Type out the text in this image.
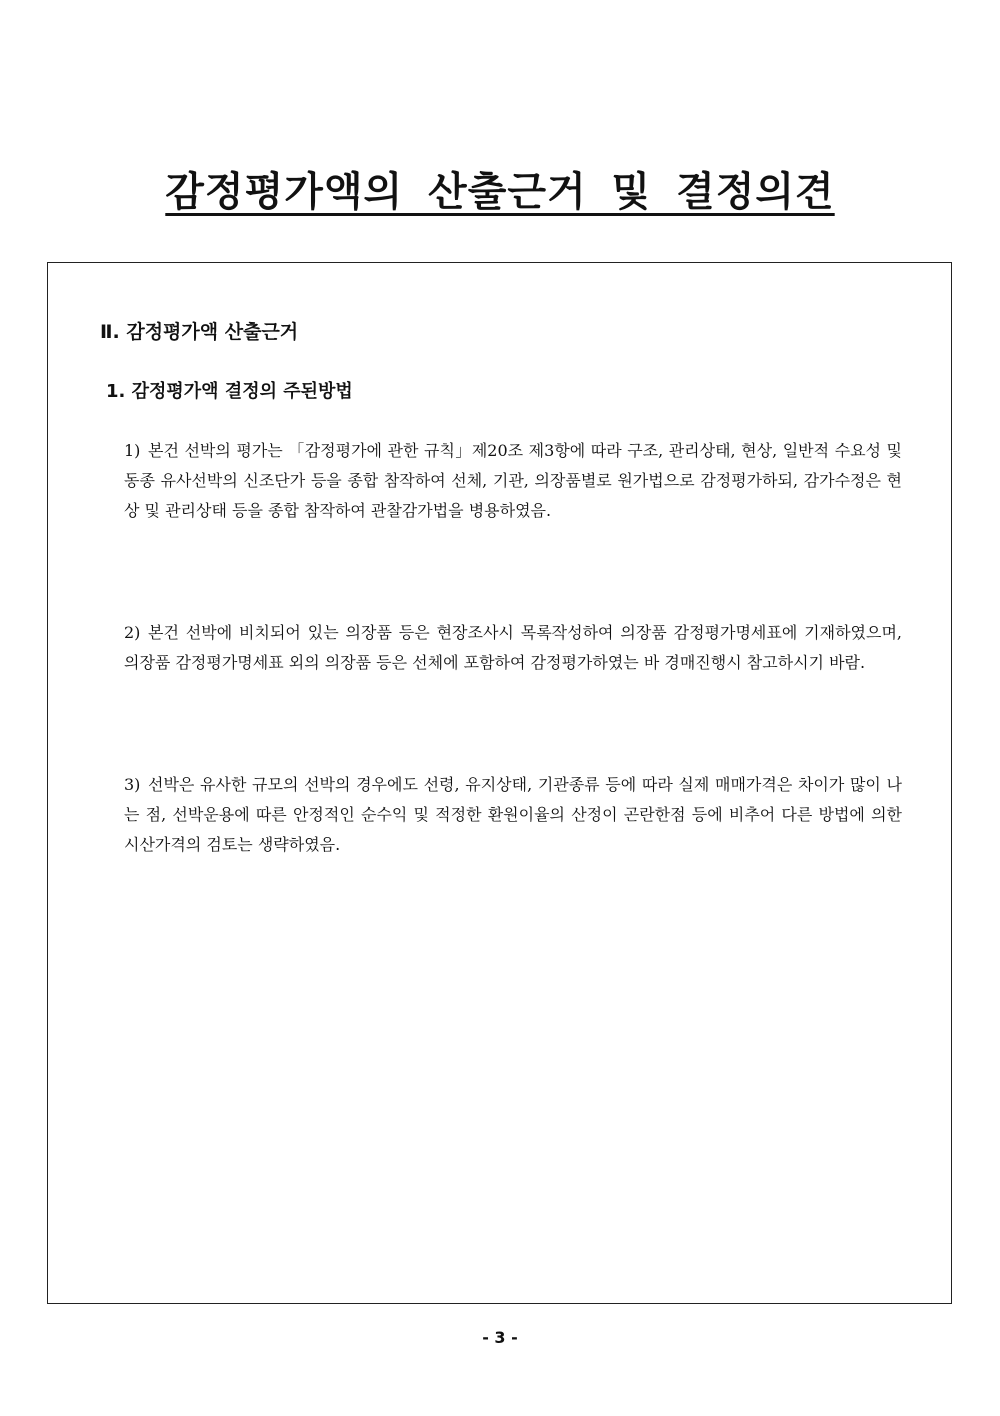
감정평가액의 산출근거 및 결정의견
Ⅱ. 감정평가액 산출근거
1. 감정평가액 결정의 주된방법
1) 본건 선박의 평가는 「감정평가에 관한 규칙」제20조 제3항에 따라 구조, 관리상태, 현상, 일반적 수요성 및 동종 유사선박의 신조단가 등을 종합 참작하여 선체, 기관, 의장품별로 원가법으로 감정평가하되, 감가수정은 현상 및 관리상태 등을 종합 참작하여 관찰감가법을 병용하였음.
2) 본건 선박에 비치되어 있는 의장품 등은 현장조사시 목록작성하여 의장품 감정평가명세표에 기재하였으며, 의장품 감정평가명세표 외의 의장품 등은 선체에 포함하여 감정평가하였는 바 경매진행시 참고하시기 바람.
3) 선박은 유사한 규모의 선박의 경우에도 선령, 유지상태, 기관종류 등에 따라 실제 매매가격은 차이가 많이 나는 점, 선박운용에 따른 안정적인 순수익 및 적정한 환원이율의 산정이 곤란한점 등에 비추어 다른 방법에 의한 시산가격의 검토는 생략하였음.

- 3 -
